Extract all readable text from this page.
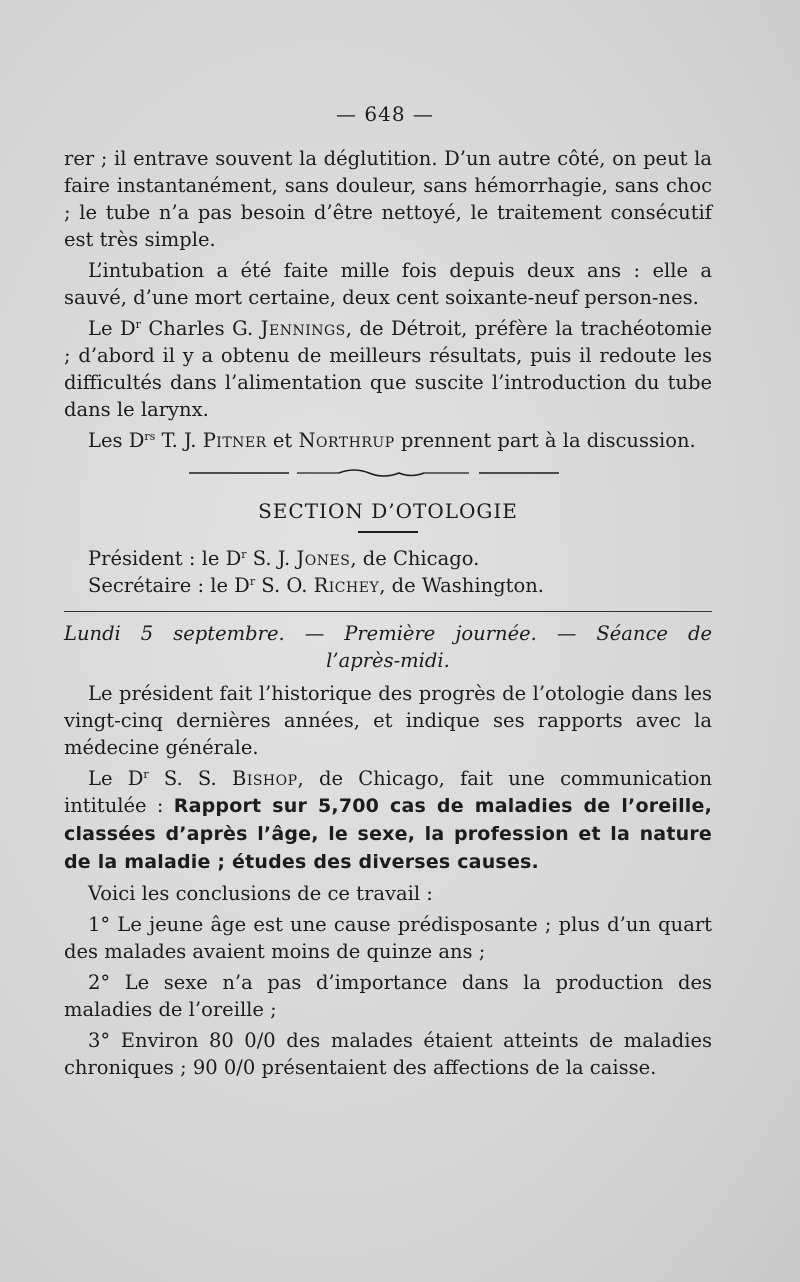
— 648 —

rer ; il entrave souvent la déglutition. D’un autre côté, on peut la faire instantanément, sans douleur, sans hémorrhagie, sans choc ; le tube n’a pas besoin d’être nettoyé, le traitement consécutif est très simple.

L’intubation a été faite mille fois depuis deux ans : elle a sauvé, d’une mort certaine, deux cent soixante-neuf person-nes.

Le $D^r$ Charles G. Jennings, de Détroit, préfère la trachéotomie ; d’abord il y a obtenu de meilleurs résultats, puis il redoute les difficultés dans l’alimentation que suscite l’introduction du tube dans le larynx.

Les $D^{rs}$ T. J. Pitner et Northrup prennent part à la discussion.

SECTION D’OTOLOGIE

Président : le $D^r$ S. J. Jones, de Chicago.

Secrétaire : le $D^r$ S. O. Richey, de Washington.

Lundi 5 septembre. — Première journée. — Séance de

l’après-midi.

Le président fait l’historique des progrès de l’otologie dans les vingt-cinq dernières années, et indique ses rapports avec la médecine générale.

Le $D^r$ S. S. Bishop, de Chicago, fait une communication intitulée : Rapport sur 5,700 cas de maladies de l’oreille, classées d’après l’âge, le sexe, la profession et la nature de la maladie ; études des diverses causes.

Voici les conclusions de ce travail :

1° Le jeune âge est une cause prédisposante ; plus d’un quart des malades avaient moins de quinze ans ;

2° Le sexe n’a pas d’importance dans la production des maladies de l’oreille ;

3° Environ 80 0/0 des malades étaient atteints de maladies chroniques ; 90 0/0 présentaient des affections de la caisse.
